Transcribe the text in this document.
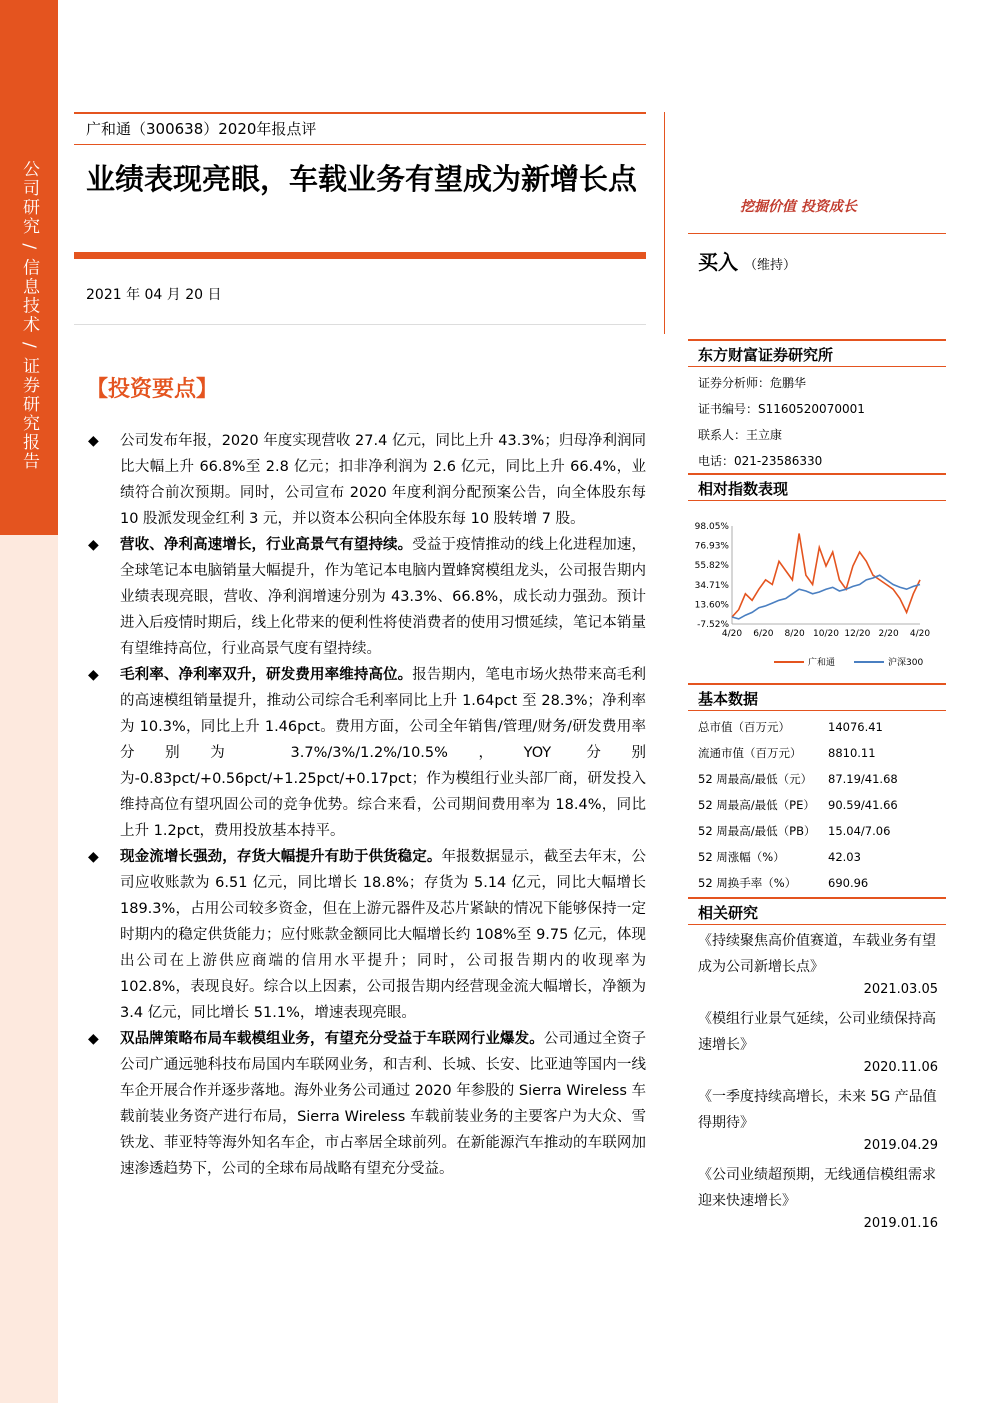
公司研究 / 信息技术 / 证券研究报告
广和通（300638）2020年报点评
业绩表现亮眼，车载业务有望成为新增长点
2021 年 04 月 20 日
挖掘价值 投资成长
买入 （维持）
东方财富证券研究所
证券分析师：危鹏华
证书编号：S1160520070001
联系人：王立康
电话：021-23586330
相对指数表现
98.05%
76.93%
55.82%
34.71%
13.60%
-7.52%
4/20 6/20 8/20 10/20 12/20 2/20 4/20
广和通	沪深300
基本数据
总市值（百万元）	14076.41
流通市值（百万元）	8810.11
52 周最高/最低（元）	87.19/41.68
52 周最高/最低（PE）	90.59/41.66
52 周最高/最低（PB）	15.04/7.06
52 周涨幅（%）	42.03
52 周换手率（%）	690.96
相关研究
《持续聚焦高价值赛道，车载业务有望成为公司新增长点》
2021.03.05
《模组行业景气延续，公司业绩保持高速增长》
2020.11.06
《一季度持续高增长，未来 5G 产品值得期待》
2019.04.29
《公司业绩超预期，无线通信模组需求迎来快速增长》
2019.01.16
【投资要点】
◆ 公司发布年报，2020 年度实现营收 27.4 亿元，同比上升 43.3%；归母净利润同比大幅上升 66.8%至 2.8 亿元；扣非净利润为 2.6 亿元，同比上升 66.4%，业绩符合前次预期。同时，公司宣布 2020 年度利润分配预案公告，向全体股东每 10 股派发现金红利 3 元，并以资本公积向全体股东每 10 股转增 7 股。
◆ 营收、净利高速增长，行业高景气有望持续。受益于疫情推动的线上化进程加速，全球笔记本电脑销量大幅提升，作为笔记本电脑内置蜂窝模组龙头，公司报告期内业绩表现亮眼，营收、净利润增速分别为 43.3%、66.8%，成长动力强劲。预计进入后疫情时期后，线上化带来的便利性将使消费者的使用习惯延续，笔记本销量有望维持高位，行业高景气度有望持续。
◆ 毛利率、净利率双升，研发费用率维持高位。报告期内，笔电市场火热带来高毛利的高速模组销量提升，推动公司综合毛利率同比上升 1.64pct 至 28.3%；净利率为 10.3%，同比上升 1.46pct。费用方面，公司全年销售/管理/财务/研发费用率分别为 3.7%/3%/1.2%/10.5%，YOY 分别为-0.83pct/+0.56pct/+1.25pct/+0.17pct；作为模组行业头部厂商，研发投入维持高位有望巩固公司的竞争优势。综合来看，公司期间费用率为 18.4%，同比上升 1.2pct，费用投放基本持平。
◆ 现金流增长强劲，存货大幅提升有助于供货稳定。年报数据显示，截至去年末，公司应收账款为 6.51 亿元，同比增长 18.8%；存货为 5.14 亿元，同比大幅增长 189.3%，占用公司较多资金，但在上游元器件及芯片紧缺的情况下能够保持一定时期内的稳定供货能力；应付账款金额同比大幅增长约 108%至 9.75 亿元，体现出公司在上游供应商端的信用水平提升；同时，公司报告期内的收现率为 102.8%，表现良好。综合以上因素，公司报告期内经营现金流大幅增长，净额为 3.4 亿元，同比增长 51.1%，增速表现亮眼。
◆ 双品牌策略布局车载模组业务，有望充分受益于车联网行业爆发。公司通过全资子公司广通远驰科技布局国内车联网业务，和吉利、长城、长安、比亚迪等国内一线车企开展合作并逐步落地。海外业务公司通过 2020 年参股的 Sierra Wireless 车载前装业务资产进行布局，Sierra Wireless 车载前装业务的主要客户为大众、雪铁龙、菲亚特等海外知名车企，市占率居全球前列。在新能源汽车推动的车联网加速渗透趋势下，公司的全球布局战略有望充分受益。
